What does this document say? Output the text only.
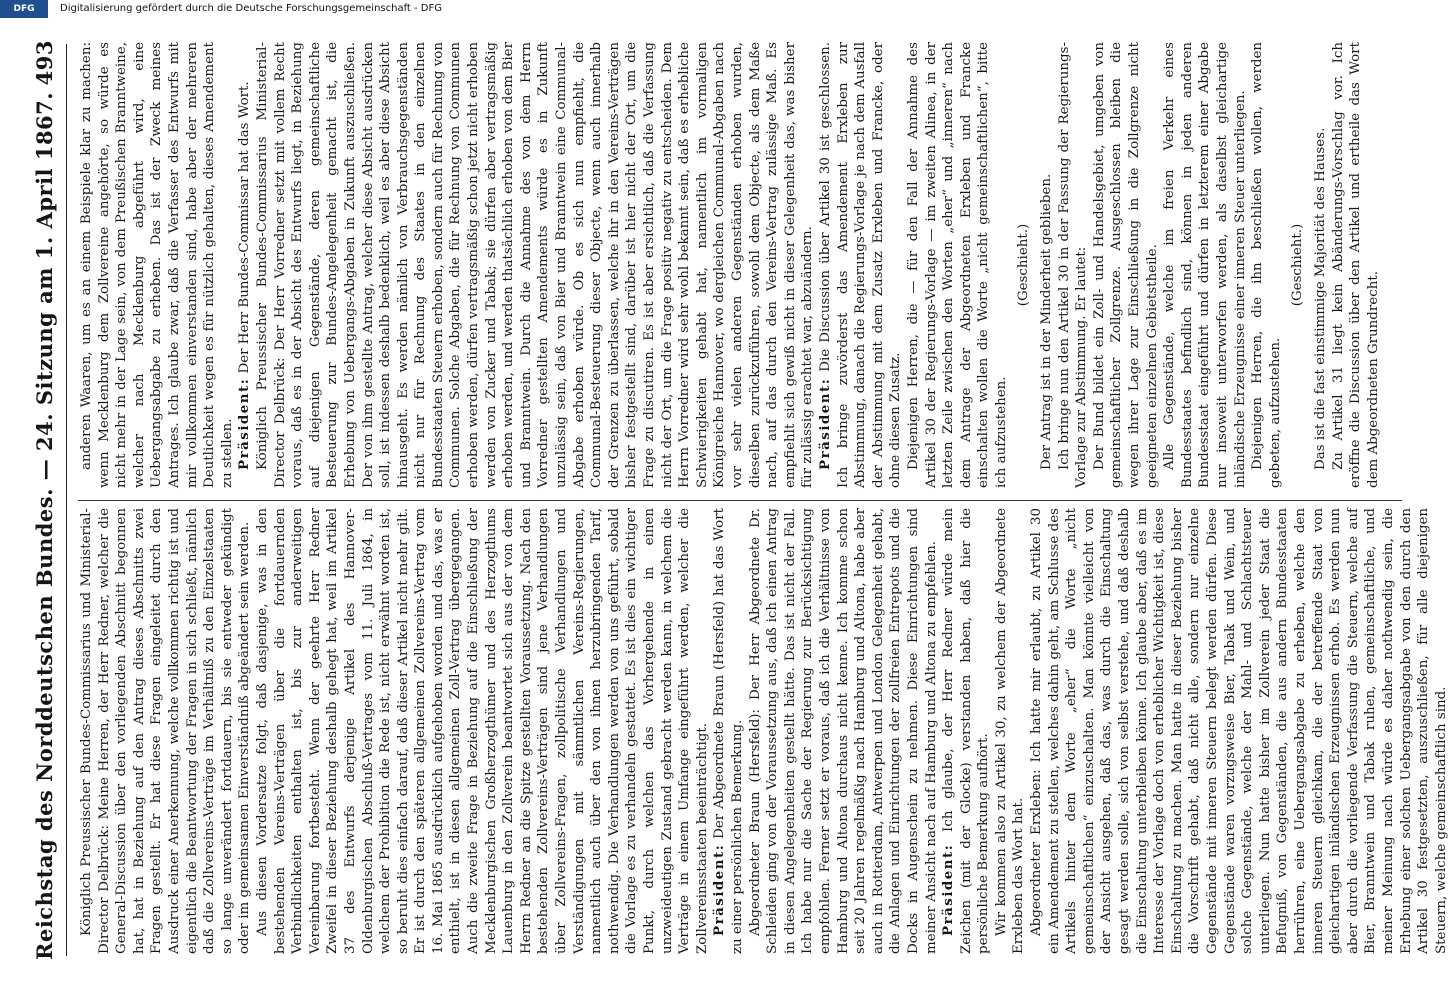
Reichstag des Norddeutschen Bundes. — 24. Sitzung am 1. April 1867.
493

Königlich Preussischer Bundes-Commissarius und Ministerial-Director Delbrück: Meine Herren, der Herr Redner, welcher die General-Discussion über den vorliegenden Abschnitt begonnen hat, hat in Beziehung auf den Antrag dieses Abschnitts zwei Fragen gestellt. Er hat diese Fragen eingeleitet durch den Ausdruck einer Anerkennung, welche vollkommen richtig ist und eigentlich die Beantwortung der Fragen in sich schließt, nämlich daß die Zollvereins-Verträge im Verhältniß zu den Einzelstaaten so lange unverändert fortdauern, bis sie entweder gekündigt oder im gemeinsamen Einverständniß abgeändert sein werden. Aus diesen Vordersatze folgt, daß dasjenige, was in den bestehenden Vereins-Verträgen über die fortdauernden Verbindlichkeiten enthalten ist, bis zur anderweitigen Vereinbarung fortbesteht. Wenn der geehrte Herr Redner Zweifel in dieser Beziehung deshalb gehegt hat, weil im Artikel 37 des Entwurfs derjenige Artikel des Hannover-Oldenburgischen Abschluß-Vertrages vom 11. Juli 1864, in welchem der Prohibition die Rede ist, nicht erwähnt worden ist, so beruht dies einfach darauf, daß dieser Artikel nicht mehr gilt. Er ist durch den späteren allgemeinen Zollvereins-Vertrag vom 16. Mai 1865 ausdrücklich aufgehoben worden und das, was er enthielt, ist in diesen allgemeinen Zoll-Vertrag übergegangen. Auch die zweite Frage in Beziehung auf die Einschließung der Mecklenburgischen Großherzogthümer und des Herzogthums Lauenburg in den Zollverein beantwortet sich aus der von dem Herrn Redner an die Spitze gestellten Voraussetzung. Nach den bestehenden Zollvereins-Verträgen sind jene Verhandlungen über Zollvereins-Fragen, zollpolitische Verhandlungen und Verständigungen mit sämmtlichen Vereins-Regierungen, namentlich auch über den von ihnen herzubringenden Tarif, nothwendig. Die Verhandlungen werden von uns geführt, sobald die Vorlage es zu verhandeln gestattet. Es ist dies ein wichtiger Punkt, durch welchen das Vorhergehende in einen unzweideutigen Zustand gebracht werden kann, in welchem die Verträge in einem Umfange eingeführt werden, welcher die Zollvereinsstaaten beeinträchtigt. Präsident: Der Abgeordnete Braun (Hersfeld) hat das Wort zu einer persönlichen Bemerkung. Abgeordneter Braun (Hersfeld): Der Herr Abgeordnete Dr. Schleiden ging von der Voraussetzung aus, daß ich einen Antrag in diesen Angelegenheiten gestellt hätte. Das ist nicht der Fall. Ich habe nur die Sache der Regierung zur Berücksichtigung empfohlen. Ferner setzt er voraus, daß ich die Verhältnisse von Hamburg und Altona durchaus nicht kenne. Ich komme schon seit 20 Jahren regelmäßig nach Hamburg und Altona, habe aber auch in Rotterdam, Antwerpen und London Gelegenheit gehabt, die Anlagen und Einrichtungen der zollfreien Entrepots und die Docks in Augenschein zu nehmen. Diese Einrichtungen sind meiner Ansicht nach auf Hamburg und Altona zu empfehlen. Präsident: Ich glaube, der Herr Redner würde mein Zeichen (mit der Glocke) verstanden haben, daß hier die persönliche Bemerkung aufhört. Wir kommen also zu Artikel 30, zu welchem der Abgeordnete Erxleben das Wort hat. Abgeordneter Erxleben: Ich hatte mir erlaubt, zu Artikel 30 ein Amendement zu stellen, welches dahin geht, am Schlusse des Artikels hinter dem Worte „eher“ die Worte „nicht gemeinschaftlichen“ einzuschalten. Man könnte vielleicht von der Ansicht ausgehen, daß das, was durch die Einschaltung gesagt werden solle, sich von selbst verstehe, und daß deshalb die Einschaltung unterbleiben könne. Ich glaube aber, daß es im Interesse der Vorlage doch von erheblicher Wichtigkeit ist, diese Einschaltung zu machen. Man hatte in dieser Beziehung bisher die Vorschrift gehabt, daß nicht alle, sondern nur einzelne Gegenstände mit inneren Steuern belegt werden dürfen. Diese Gegenstände waren vorzugsweise Bier, Tabak und Wein, und solche Gegenstände, welche der Mahl- und Schlachtsteuer unterliegen. Nun hatte bisher im Zollverein jeder Staat die Befugniß, von Gegenständen, die aus andern Bundesstaaten herrühren, eine Uebergangsabgabe zu erheben, welche den inneren Steuern gleichkam, die der betreffende Staat von gleichartigen inländischen Erzeugnissen erhob. Es werden nun aber durch die vorliegende Verfassung die Steuern, welche auf Bier, Branntwein und Tabak ruhen, gemeinschaftliche, und meiner Meinung nach würde es daher nothwendig sein, die Erhebung einer solchen Uebergangsabgabe von den durch den Artikel 30 festgesetzten, auszuschließen, für alle diejenigen Steuern, welche gemeinschaftlich sind.

anderen Waaren, um es an einem Beispiele klar zu machen: wenn Mecklenburg dem Zollvereine angehörte, so würde es nicht mehr in der Lage sein, von dem Preußischen Branntweine, welcher nach Mecklenburg abgeführt wird, eine Uebergangsabgabe zu erheben. Das ist der Zweck meines Antrages. Ich glaube zwar, daß die Verfasser des Entwurfs mit mir vollkommen einverstanden sind, habe aber der mehreren Deutlichkeit wegen es für nützlich gehalten, dieses Amendement zu stellen. Präsident: Der Herr Bundes-Commissar hat das Wort. Königlich Preussischer Bundes-Commissarius Ministerial-Director Delbrück: Der Herr Vorredner setzt mit vollem Recht voraus, daß es in der Absicht des Entwurfs liegt, in Beziehung auf diejenigen Gegenstände, deren gemeinschaftliche Besteuerung zur Bundes-Angelegenheit gemacht ist, die Erhebung von Uebergangs-Abgaben in Zukunft auszuschließen. Der von ihm gestellte Antrag, welcher diese Absicht ausdrücken soll, ist indessen deshalb bedenklich, weil es aber diese Absicht hinausgeht. Es werden nämlich von Verbrauchsgegenständen nicht nur für Rechnung des Staates in den einzelnen Bundesstaaten Steuern erhoben, sondern auch für Rechnung von Communen. Solche Abgaben, die für Rechnung von Communen erhoben werden, dürfen vertragsmäßig schon jetzt nicht erhoben werden von Zucker und Tabak; sie dürfen aber vertragsmäßig erhoben werden, und werden thatsächlich erhoben von dem Bier und Branntwein. Durch die Annahme des von dem Herrn Vorredner gestellten Amendements würde es in Zukunft unzulässig sein, daß von Bier und Branntwein eine Communal-Abgabe erhoben würde. Ob es sich nun empfiehlt, die Communal-Besteuerung dieser Objecte, wenn auch innerhalb der Grenzen zu überlassen, welche ihr in den Vereins-Verträgen bisher festgestellt sind, darüber ist hier nicht der Ort, um die Frage zu discutiren. Es ist aber ersichtlich, daß die Verfassung nicht der Ort, um die Frage positiv negativ zu entscheiden. Dem Herrn Vorredner wird sehr wohl bekannt sein, daß es erhebliche Schwierigkeiten gehabt hat, namentlich im vormaligen Königreiche Hannover, wo dergleichen Communal-Abgaben nach vor sehr vielen anderen Gegenständen erhoben wurden, dieselben zurückzuführen, sowohl dem Objecte, als dem Maße nach, auf das durch den Vereins-Vertrag zulässige Maß. Es empfiehlt sich gewiß nicht in dieser Gelegenheit das, was bisher für zulässig erachtet war, abzuändern. Präsident: Die Discussion über Artikel 30 ist geschlossen. Ich bringe zuvörderst das Amendement Erxleben zur Abstimmung, danach die Regierungs-Vorlage je nach dem Ausfall der Abstimmung mit dem Zusatz Erxleben und Francke, oder ohne diesen Zusatz. Diejenigen Herren, die — für den Fall der Annahme des Artikel 30 der Regierungs-Vorlage — im zweiten Alinea, in der letzten Zeile zwischen den Worten „eher“ und „inneren“ nach dem Antrage der Abgeordneten Erxleben und Francke einschalten wollen die Worte „nicht gemeinschaftlichen“, bitte ich aufzustehen.

(Geschieht.) Der Antrag ist in der Minderheit geblieben. Ich bringe nun den Artikel 30 in der Fassung der Regierungs-Vorlage zur Abstimmung. Er lautet: Der Bund bildet ein Zoll- und Handelsgebiet, umgeben von gemeinschaftlicher Zollgrenze. Ausgeschlossen bleiben die wegen ihrer Lage zur Einschließung in die Zollgrenze nicht geeigneten einzelnen Gebietstheile. Alle Gegenstände, welche im freien Verkehr eines Bundesstaates befindlich sind, können in jeden anderen Bundesstaat eingeführt und dürfen in letzterem einer Abgabe nur insoweit unterworfen werden, als daselbst gleichartige inländische Erzeugnisse einer inneren Steuer unterliegen. Diejenigen Herren, die ihn beschließen wollen, werden gebeten, aufzustehen.

(Geschieht.) Das ist die fast einstimmige Majorität des Hauses. Zu Artikel 31 liegt kein Abänderungs-Vorschlag vor. Ich eröffne die Discussion über den Artikel und ertheile das Wort dem Abgeordneten Grundrecht.

DFG	Digitalisierung gefördert durch die Deutsche Forschungsgemeinschaft - DFG
